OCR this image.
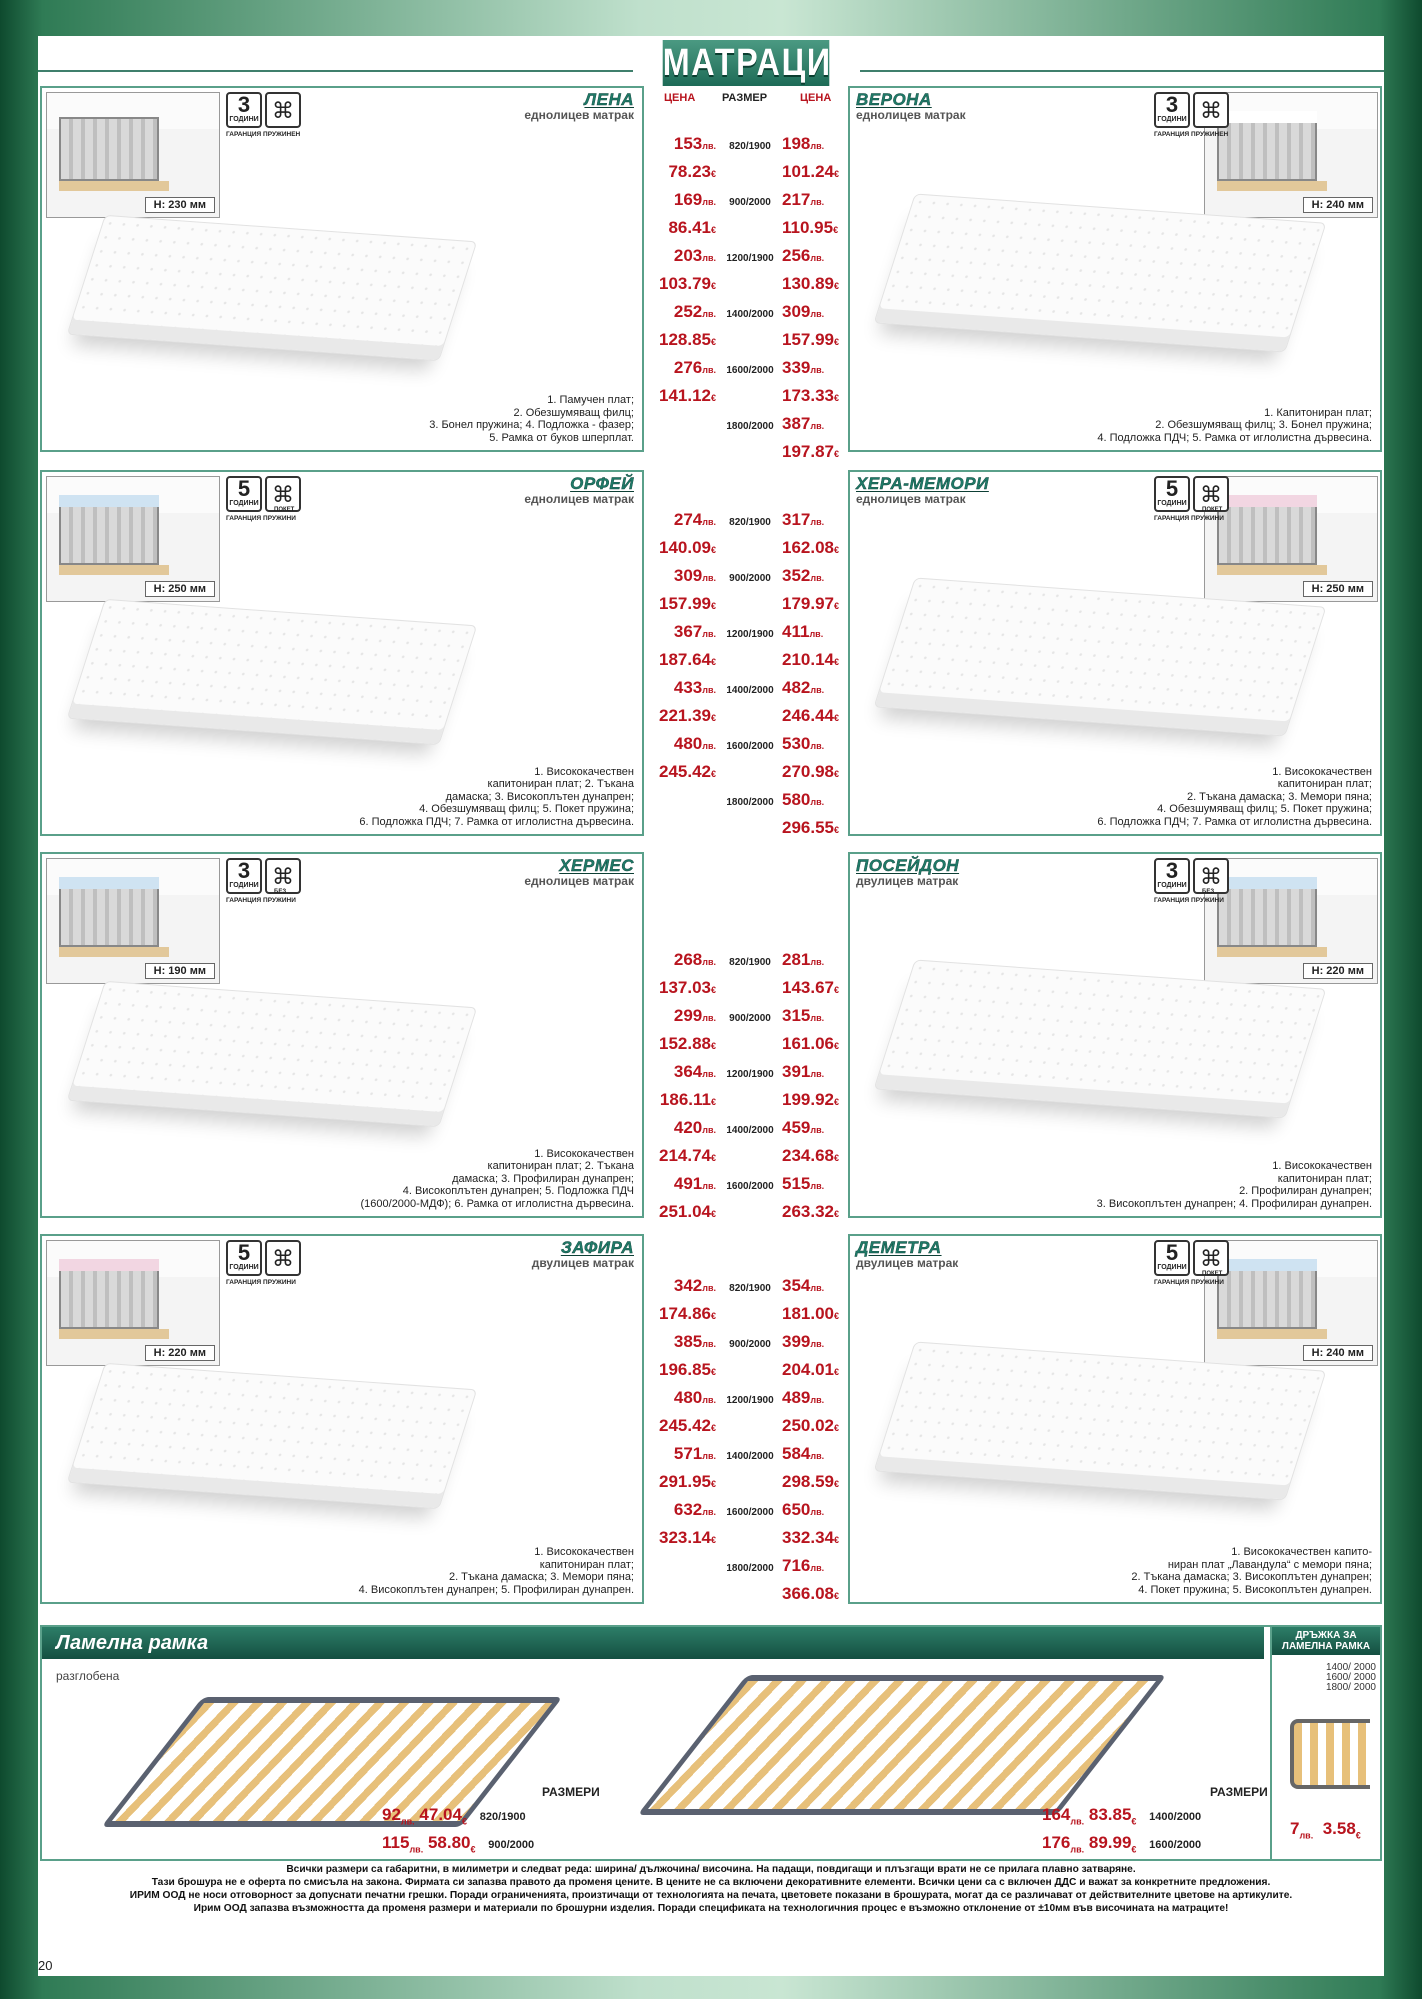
МАТРАЦИ
ЦЕНА РАЗМЕР	ЦЕНА
H: 230 мм
3
ГОДИНИ ⌘
ГАРАНЦИЯ ПРУЖИНЕН
ЛЕНА
еднолицев матрак
1. Памучен плат;
2. Обезшумяващ филц;
3. Бонел пружина; 4. Подложка - фазер;
5. Рамка от буков шперплат.
H: 240 мм
3
ГОДИНИ ⌘
ГАРАНЦИЯ ПРУЖИНЕН
ВЕРОНА
еднолицев матрак
1. Капитониран плат;
2. Обезшумяващ филц; 3. Бонел пружина;
4. Подложка ПДЧ; 5. Рамка от иглолистна дървесина.
H: 250 мм
5
ГОДИНИ ⌘
ГАРАНЦИЯ ПРУЖИНИ
ПОКЕТ
ОРФЕЙ
еднолицев матрак
1. Висококачествен
капитониран плат; 2. Тъкана
дамаска; 3. Високоплътен дунапрен;
4. Обезшумяващ филц; 5. Покет пружина;
6. Подложка ПДЧ; 7. Рамка от иглолистна дървесина.
H: 250 мм
5
ГОДИНИ ⌘
ГАРАНЦИЯ ПРУЖИНИ
ПОКЕТ
ХЕРА-МЕМОРИ
еднолицев матрак
1. Висококачествен
капитониран плат;
2. Тъкана дамаска; 3. Мемори пяна;
4. Обезшумяващ филц; 5. Покет пружина;
6. Подложка ПДЧ; 7. Рамка от иглолистна дървесина.
H: 190 мм
3
ГОДИНИ ⌘
ГАРАНЦИЯ ПРУЖИНИ
БЕЗ
ХЕРМЕС
еднолицев матрак
1. Висококачествен
капитониран плат; 2. Тъкана
дамаска; 3. Профилиран дунапрен;
4. Високоплътен дунапрен; 5. Подложка ПДЧ
(1600/2000-МДФ); 6. Рамка от иглолистна дървесина.
H: 220 мм
3
ГОДИНИ ⌘
ГАРАНЦИЯ ПРУЖИНИ
БЕЗ
ПОСЕЙДОН
двулицев матрак
1. Висококачествен
капитониран плат;
2. Профилиран дунапрен;
3. Високоплътен дунапрен; 4. Профилиран дунапрен.
H: 220 мм
5
ГОДИНИ ⌘
ГАРАНЦИЯ ПРУЖИНИ
ЗАФИРА
двулицев матрак
1. Висококачествен
капитониран плат;
2. Тъкана дамаска; 3. Мемори пяна;
4. Високоплътен дунапрен; 5. Профилиран дунапрен.
H: 240 мм
5
ГОДИНИ ⌘
ГАРАНЦИЯ ПРУЖИНИ
ПОКЕТ
ДЕМЕТРА
двулицев матрак
1. Висококачествен капито-
ниран плат „Лавандула“ с мемори пяна;
2. Тъкана дамаска; 3. Високоплътен дунапрен;
4. Покет пружина; 5. Високоплътен дунапрен.
153лв.	820/1900 198лв.
78.23€	101.24€
169лв.	900/2000 217лв.
86.41€	110.95€
203лв.	1200/1900 256лв.
103.79€	130.89€
252лв.	1400/2000 309лв.
128.85€	157.99€
276лв.	1600/2000 339лв.
141.12€	173.33€
1800/2000 387лв.
197.87€
274лв.	820/1900 317лв.
140.09€	162.08€
309лв.	900/2000 352лв.
157.99€	179.97€
367лв.	1200/1900 411лв.
187.64€	210.14€
433лв.	1400/2000 482лв.
221.39€	246.44€
480лв.	1600/2000 530лв.
245.42€	270.98€
1800/2000 580лв.
296.55€
268лв.	820/1900 281лв.
137.03€	143.67€
299лв.	900/2000 315лв.
152.88€	161.06€
364лв.	1200/1900 391лв.
186.11€	199.92€
420лв.	1400/2000 459лв.
214.74€	234.68€
491лв.	1600/2000 515лв.
251.04€	263.32€
342лв.	820/1900 354лв.
174.86€	181.00€
385лв.	900/2000 399лв.
196.85€	204.01€
480лв.	1200/1900 489лв.
245.42€	250.02€
571лв.	1400/2000 584лв.
291.95€	298.59€
632лв.	1600/2000 650лв.
323.14€	332.34€
1800/2000 716лв.
366.08€
Ламелна рамка
разглобена
РАЗМЕРИ	РАЗМЕРИ
$92_{лв.}$ $47.04_€$ 820/1900
$115_{лв.}$ $58.80_€$ 900/2000
$164_{лв.}$ $83.85_€$ 1400/2000
$176_{лв.}$ $89.99_€$ 1600/2000
ДРЪЖКА ЗА
ЛАМЕЛНА РАМКА
1400/ 2000
1600/ 2000
1800/ 2000
$7_{лв.}$ $3.58_€$
Всички размери са габаритни, в милиметри и следват реда: ширина/ дължочина/ височина. На падащи, повдигащи и плъзгащи врати не се прилага плавно затваряне.
Тази брошура не е оферта по смисъла на закона. Фирмата си запазва правото да променя цените. В цените не са включени декоративните елементи. Всички цени са с включен ДДС и важат за конкретните предложения.
ИРИМ ООД не носи отговорност за допуснати печатни грешки. Поради ограниченията, произтичащи от технологията на печата, цветовете показани в брошурата, могат да се различават от действителните цветове на артикулите.
Ирим ООД запазва възможността да променя размери и материали по брошурни изделия. Поради спецификата на технологичния процес е възможно отклонение от ±10мм във височината на матраците!
20
